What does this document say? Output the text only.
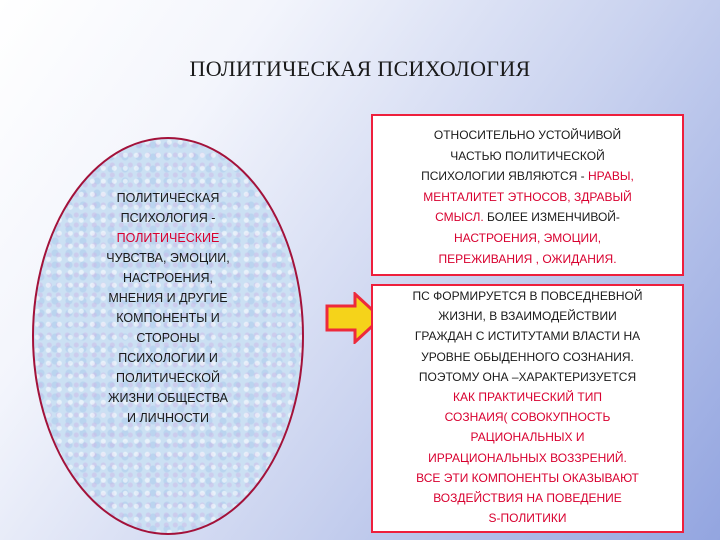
ПОЛИТИЧЕСКАЯ ПСИХОЛОГИЯ
ПОЛИТИЧЕСКАЯ
ПСИХОЛОГИЯ -
ПОЛИТИЧЕСКИЕ
ЧУВСТВА, ЭМОЦИИ,
НАСТРОЕНИЯ,
МНЕНИЯ И ДРУГИЕ
КОМПОНЕНТЫ И
СТОРОНЫ
ПСИХОЛОГИИ И
ПОЛИТИЧЕСКОЙ
ЖИЗНИ ОБЩЕСТВА
И ЛИЧНОСТИ
ОТНОСИТЕЛЬНО УСТОЙЧИВОЙ
ЧАСТЬЮ ПОЛИТИЧЕСКОЙ
ПСИХОЛОГИИ ЯВЛЯЮТСЯ - НРАВЫ,
МЕНТАЛИТЕТ ЭТНОСОВ, ЗДРАВЫЙ
СМЫСЛ. БОЛЕЕ ИЗМЕНЧИВОЙ-
НАСТРОЕНИЯ, ЭМОЦИИ,
ПЕРЕЖИВАНИЯ , ОЖИДАНИЯ.
ПС ФОРМИРУЕТСЯ В ПОВСЕДНЕВНОЙ
ЖИЗНИ, В ВЗАИМОДЕЙСТВИИ
ГРАЖДАН С ИСТИТУТАМИ ВЛАСТИ НА
УРОВНЕ ОБЫДЕННОГО СОЗНАНИЯ.
ПОЭТОМУ ОНА –ХАРАКТЕРИЗУЕТСЯ
КАК ПРАКТИЧЕСКИЙ ТИП
СОЗНАИЯ( СОВОКУПНОСТЬ
РАЦИОНАЛЬНЫХ И
ИРРАЦИОНАЛЬНЫХ ВОЗЗРЕНИЙ.
ВСЕ ЭТИ КОМПОНЕНТЫ ОКАЗЫВАЮТ
ВОЗДЕЙСТВИЯ НА ПОВЕДЕНИЕ
S-ПОЛИТИКИ
